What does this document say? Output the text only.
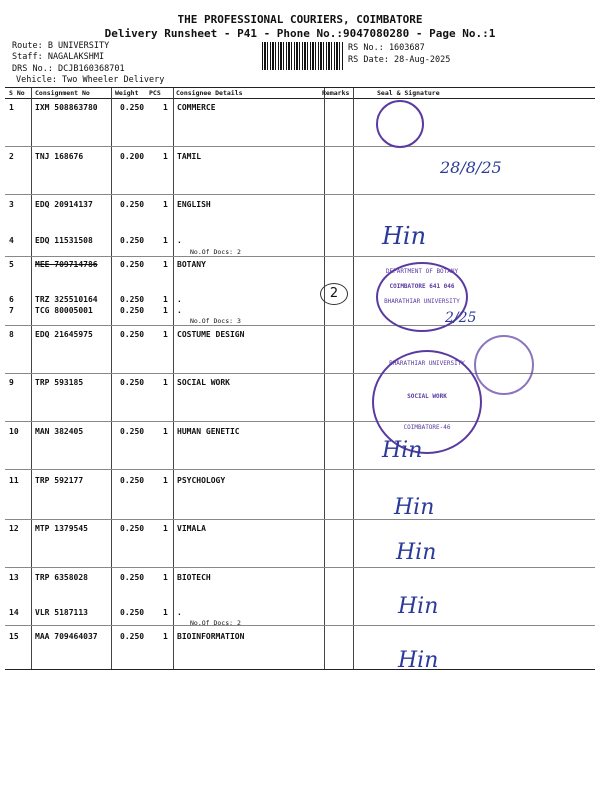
THE PROFESSIONAL COURIERS, COIMBATORE
Delivery Runsheet - P41 - Phone No.:9047080280 - Page No.:1
Route: B UNIVERSITY
Staff: NAGALAKSHMI
DRS No.: DCJB160368701
Vehicle: Two Wheeler Delivery
RS No.: 1603687
RS Date: 28-Aug-2025
S No Consignment No	Weight PCS Consignee Details	Remarks	Seal & Signature
1	IXM 508863780	0.250 1 COMMERCE
2	TNJ 168676	0.200 1 TAMIL
3	EDQ 20914137	0.250 1 ENGLISH
4	EDQ 11531508	0.250 1 .
No.Of Docs: 2
5	MEE 709714786	0.250 1 BOTANY
6	TRZ 325510164	0.250 1 .
7	TCG 80005001	0.250 1 .
No.Of Docs: 3
8	EDQ 21645975	0.250 1 COSTUME DESIGN
9	TRP 593185	0.250 1 SOCIAL WORK
10 MAN 382405	0.250 1 HUMAN GENETIC
11 TRP 592177	0.250 1 PSYCHOLOGY
12 MTP 1379545	0.250 1 VIMALA
13 TRP 6358028	0.250 1 BIOTECH
14 VLR 5187113	0.250 1 .
No.Of Docs: 2
15 MAA 709464037	0.250 1 BIOINFORMATION
2
DEPARTMENT OF BOTANY
COIMBATORE 641 046
BHARATHIAR UNIVERSITY
BHARATHIAR UNIVERSITY
SOCIAL WORK
COIMBATORE-46
28/8/25
2/25
Hin
Hin
Hin
Hin
Hin
Hin
